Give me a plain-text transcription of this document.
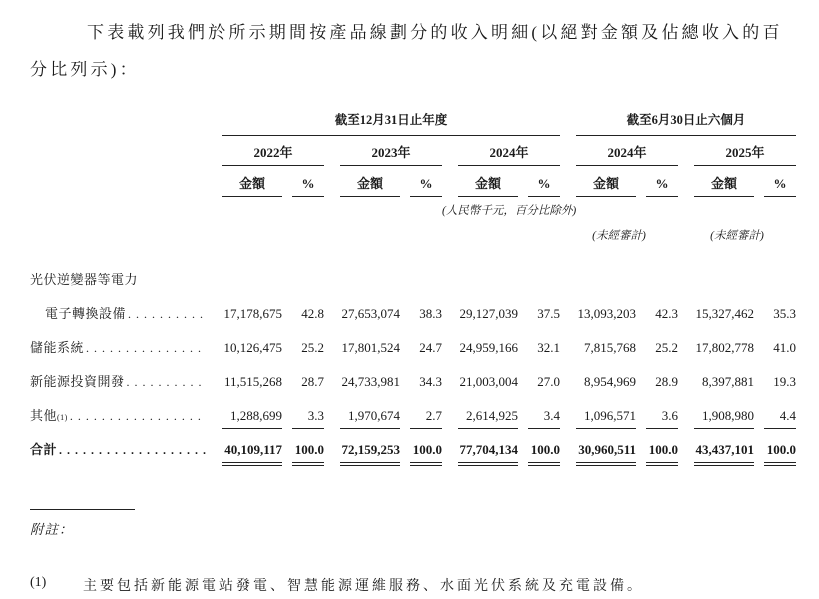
下表載列我們於所示期間按產品線劃分的收入明細(以絕對金額及佔總收入的百分比列示)：

截至12月31日止年度	截至6月30日止六個月
2022年	2023年	2024年	2024年	2025年
金額	%	金額	%	金額	%	金額	%	金額	%
(人民幣千元，百分比除外)
(未經審計)	(未經審計)
光伏逆變器等電力
電子轉換設備 . . .	17,178,675	42.8	27,653,074	38.3	29,127,039	37.5	13,093,203	42.3	15,327,462	35.3
儲能系統 . . .	10,126,475	25.2	17,801,524	24.7	24,959,166	32.1	7,815,768	25.2	17,802,778	41.0
新能源投資開發 . . .	11,515,268	28.7	24,733,981	34.3	21,003,004	27.0	8,954,969	28.9	8,397,881	19.3
其他 (1) . . .	1,288,699	3.3	1,970,674	2.7	2,614,925	3.4	1,096,571	3.6	1,908,980	4.4
合計 . . .	40,109,117 100.0	72,159,253 100.0	77,704,134 100.0	30,960,511 100.0	43,437,101 100.0
附註：
(1)	主要包括新能源電站發電、智慧能源運維服務、水面光伏系統及充電設備。
